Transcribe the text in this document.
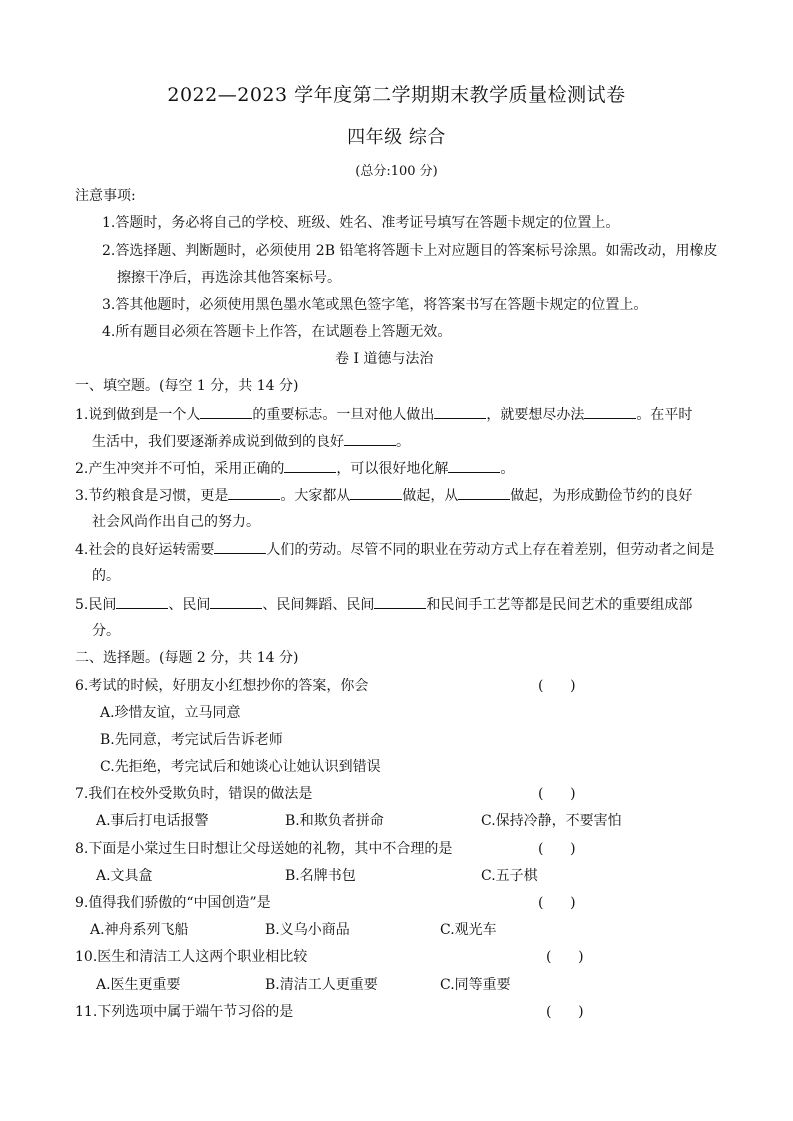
2022—2023 学年度第二学期期末教学质量检测试卷
四年级 综合
(总分:100 分)
注意事项:
1.答题时，务必将自己的学校、班级、姓名、准考证号填写在答题卡规定的位置上。
2.答选择题、判断题时，必须使用 2B 铅笔将答题卡上对应题目的答案标号涂黑。如需改动，用橡皮
擦擦干净后，再选涂其他答案标号。
3.答其他题时，必须使用黑色墨水笔或黑色签字笔，将答案书写在答题卡规定的位置上。
4.所有题目必须在答题卡上作答，在试题卷上答题无效。
卷 I 道德与法治
一、填空题。(每空 1 分，共 14 分)
1.说到做到是一个人	的重要标志。一旦对他人做出	，就要想尽办法	。在平时
生活中，我们要逐渐养成说到做到的良好	。
2.产生冲突并不可怕，采用正确的	，可以很好地化解	。
3.节约粮食是习惯，更是	。大家都从	做起，从	做起，为形成勤俭节约的良好
社会风尚作出自己的努力。
4.社会的良好运转需要	人们的劳动。尽管不同的职业在劳动方式上存在着差别，但劳动者之间是
的。
5.民间	、民间	、民间舞蹈、民间	和民间手工艺等都是民间艺术的重要组成部
分。
二、选择题。(每题 2 分，共 14 分)
6.考试的时候，好朋友小红想抄你的答案，你会	(      )
A.珍惜友谊，立马同意
B.先同意，考完试后告诉老师
C.先拒绝，考完试后和她谈心让她认识到错误
7.我们在校外受欺负时，错误的做法是	(      )
A.事后打电话报警	B.和欺负者拼命	C.保持冷静，不要害怕
8.下面是小棠过生日时想让父母送她的礼物，其中不合理的是	(      )
A.文具盒	B.名牌书包	C.五子棋
9.值得我们骄傲的“中国创造”是	(      )
A.神舟系列飞船	B.义乌小商品	C.观光车
10.医生和清洁工人这两个职业相比较	(      )
A.医生更重要	B.清洁工人更重要	C.同等重要
11.下列选项中属于端午节习俗的是	(      )
